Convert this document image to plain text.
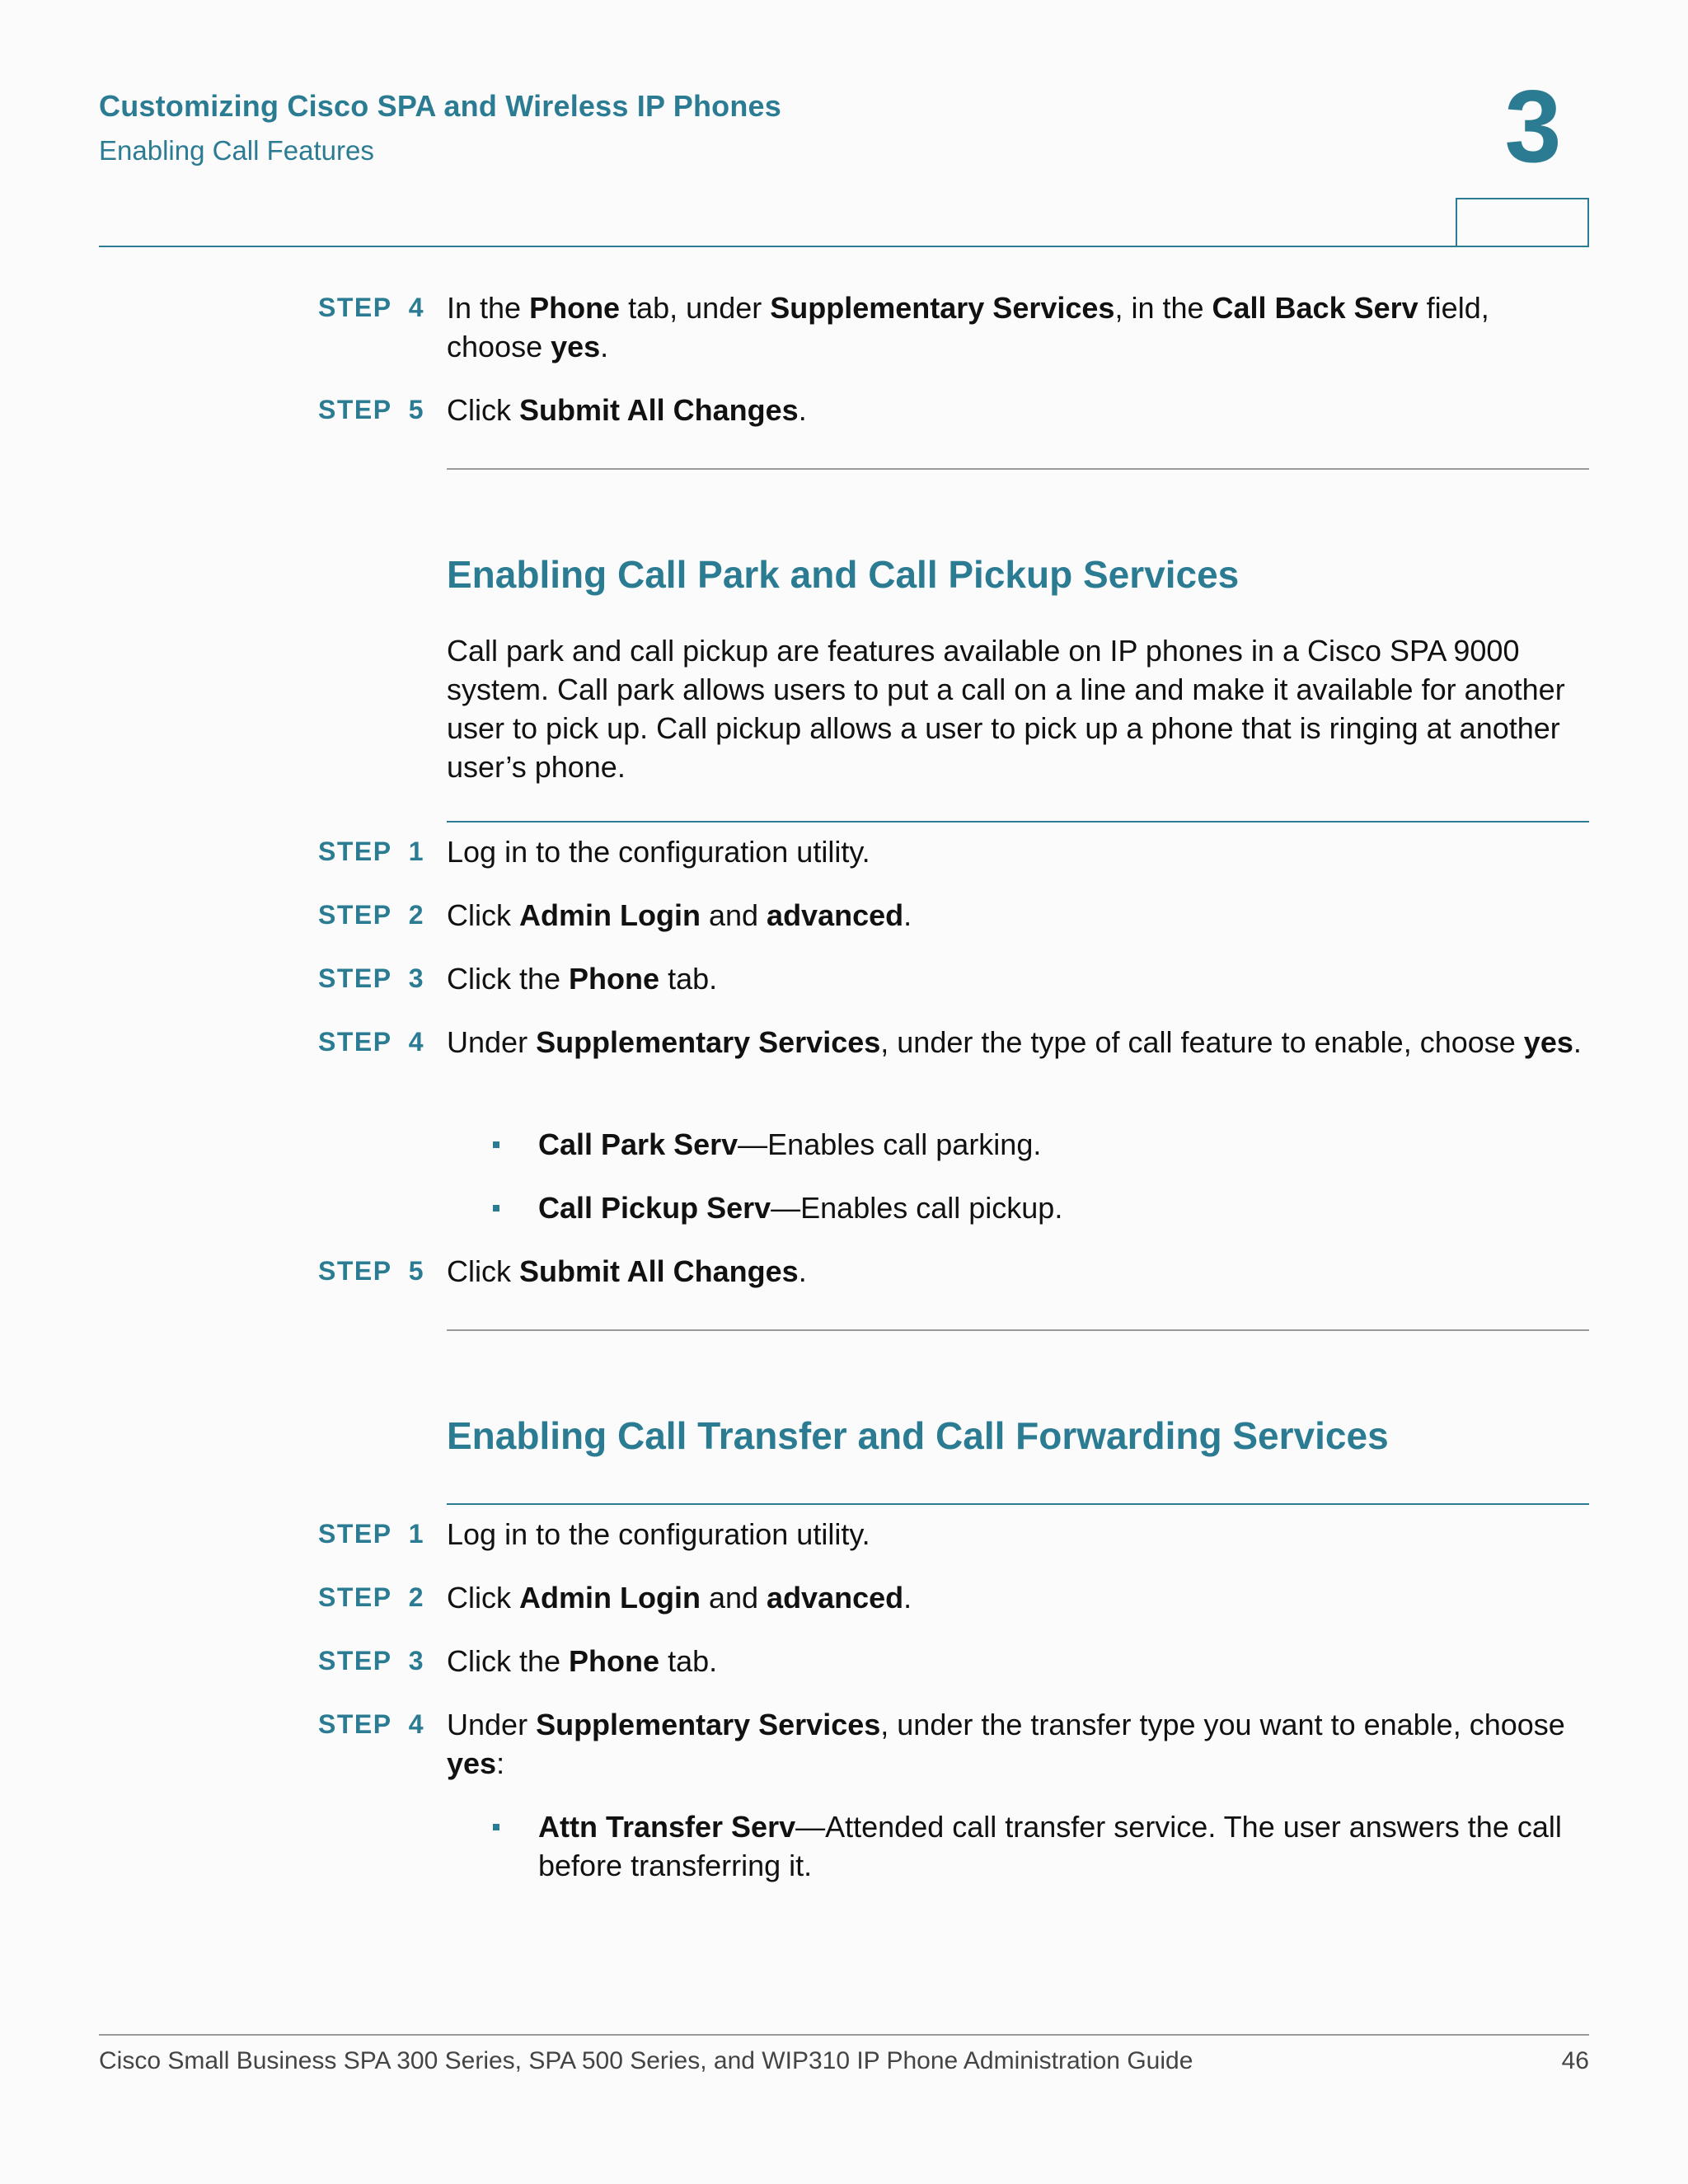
Customizing Cisco SPA and Wireless IP Phones
Enabling Call Features	3
STEP  4 In the Phone tab, under Supplementary Services, in the Call Back Serv field, choose yes.
STEP  5 Click Submit All Changes.
Enabling Call Park and Call Pickup Services
Call park and call pickup are features available on IP phones in a Cisco SPA 9000 system. Call park allows users to put a call on a line and make it available for another user to pick up. Call pickup allows a user to pick up a phone that is ringing at another user’s phone.
STEP  1 Log in to the configuration utility.
STEP  2 Click Admin Login and advanced.
STEP  3 Click the Phone tab.
STEP  4 Under Supplementary Services, under the type of call feature to enable, choose yes.
Call Park Serv—Enables call parking.
Call Pickup Serv—Enables call pickup.
STEP  5 Click Submit All Changes.
Enabling Call Transfer and Call Forwarding Services
STEP  1 Log in to the configuration utility.
STEP  2 Click Admin Login and advanced.
STEP  3 Click the Phone tab.
STEP  4 Under Supplementary Services, under the transfer type you want to enable, choose yes:
Attn Transfer Serv—Attended call transfer service. The user answers the call before transferring it.
Cisco Small Business SPA 300 Series, SPA 500 Series, and WIP310 IP Phone Administration Guide	46
